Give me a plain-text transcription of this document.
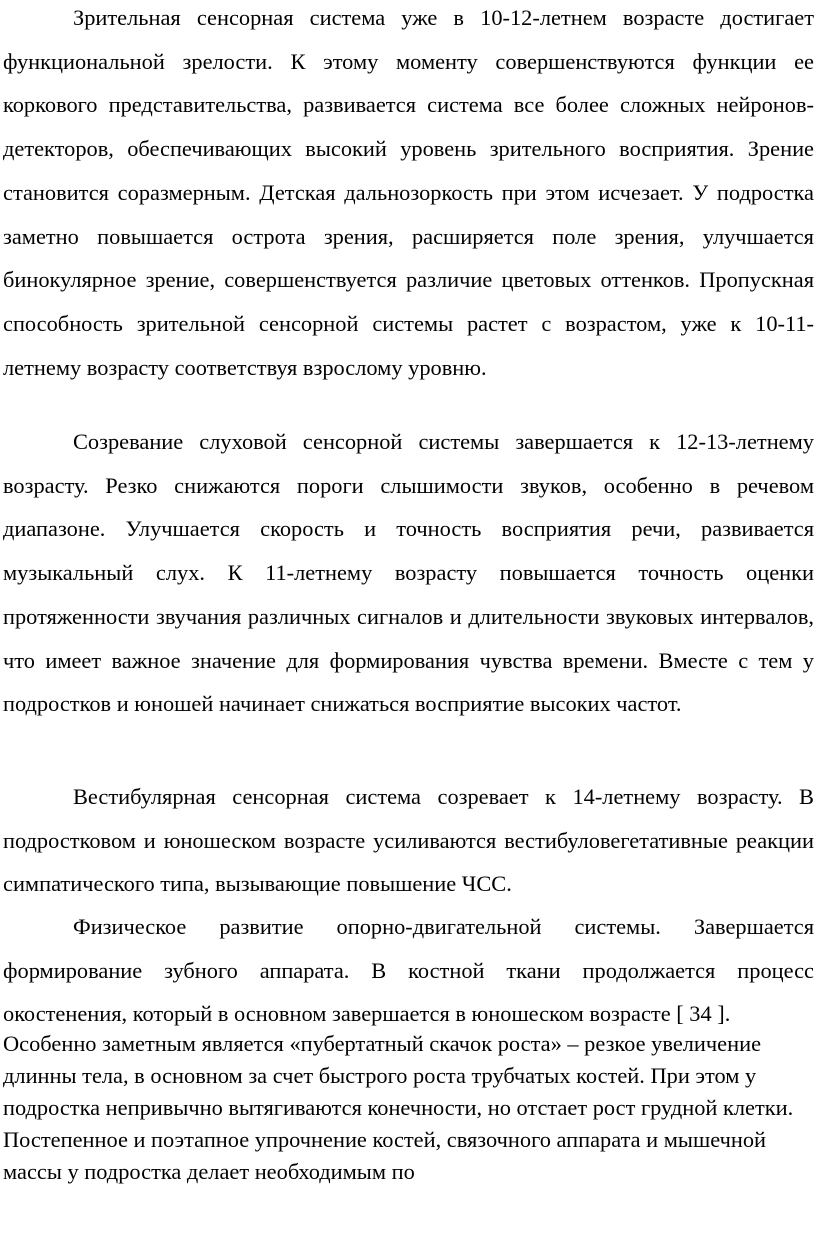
Зрительная сенсорная система уже в 10-12-летнем возрасте достигает функциональной зрелости. К этому моменту совершенствуются функции ее коркового представительства, развивается система все более сложных нейронов-детекторов, обеспечивающих высокий уровень зрительного восприятия. Зрение становится соразмерным. Детская дальнозоркость при этом исчезает. У подростка заметно повышается острота зрения, расширяется поле зрения, улучшается бинокулярное зрение, совершенствуется различие цветовых оттенков. Пропускная способность зрительной сенсорной системы растет с возрастом, уже к 10-11-летнему возрасту соответствуя взрослому уровню.

Созревание слуховой сенсорной системы завершается к 12-13-летнему возрасту. Резко снижаются пороги слышимости звуков, особенно в речевом диапазоне. Улучшается скорость и точность восприятия речи, развивается музыкальный слух. К 11-летнему возрасту повышается точность оценки протяженности звучания различных сигналов и длительности звуковых интервалов, что имеет важное значение для формирования чувства времени. Вместе с тем у подростков и юношей начинает снижаться восприятие высоких частот.

Вестибулярная сенсорная система созревает к 14-летнему возрасту. В подростковом и юношеском возрасте усиливаются вестибуловегетативные реакции симпатического типа, вызывающие повышение ЧСС.

Физическое развитие опорно-двигательной системы. Завершается формирование зубного аппарата. В костной ткани продолжается процесс окостенения, который в основном завершается в юношеском возрасте [ 34 ].

Особенно заметным является «пубертатный скачок роста» – резкое увеличение длинны тела, в основном за счет быстрого роста трубчатых костей. При этом у подростка непривычно вытягиваются конечности, но отстает рост грудной клетки. Постепенное и поэтапное упрочнение костей, связочного аппарата и мышечной массы у подростка делает необходимым по
